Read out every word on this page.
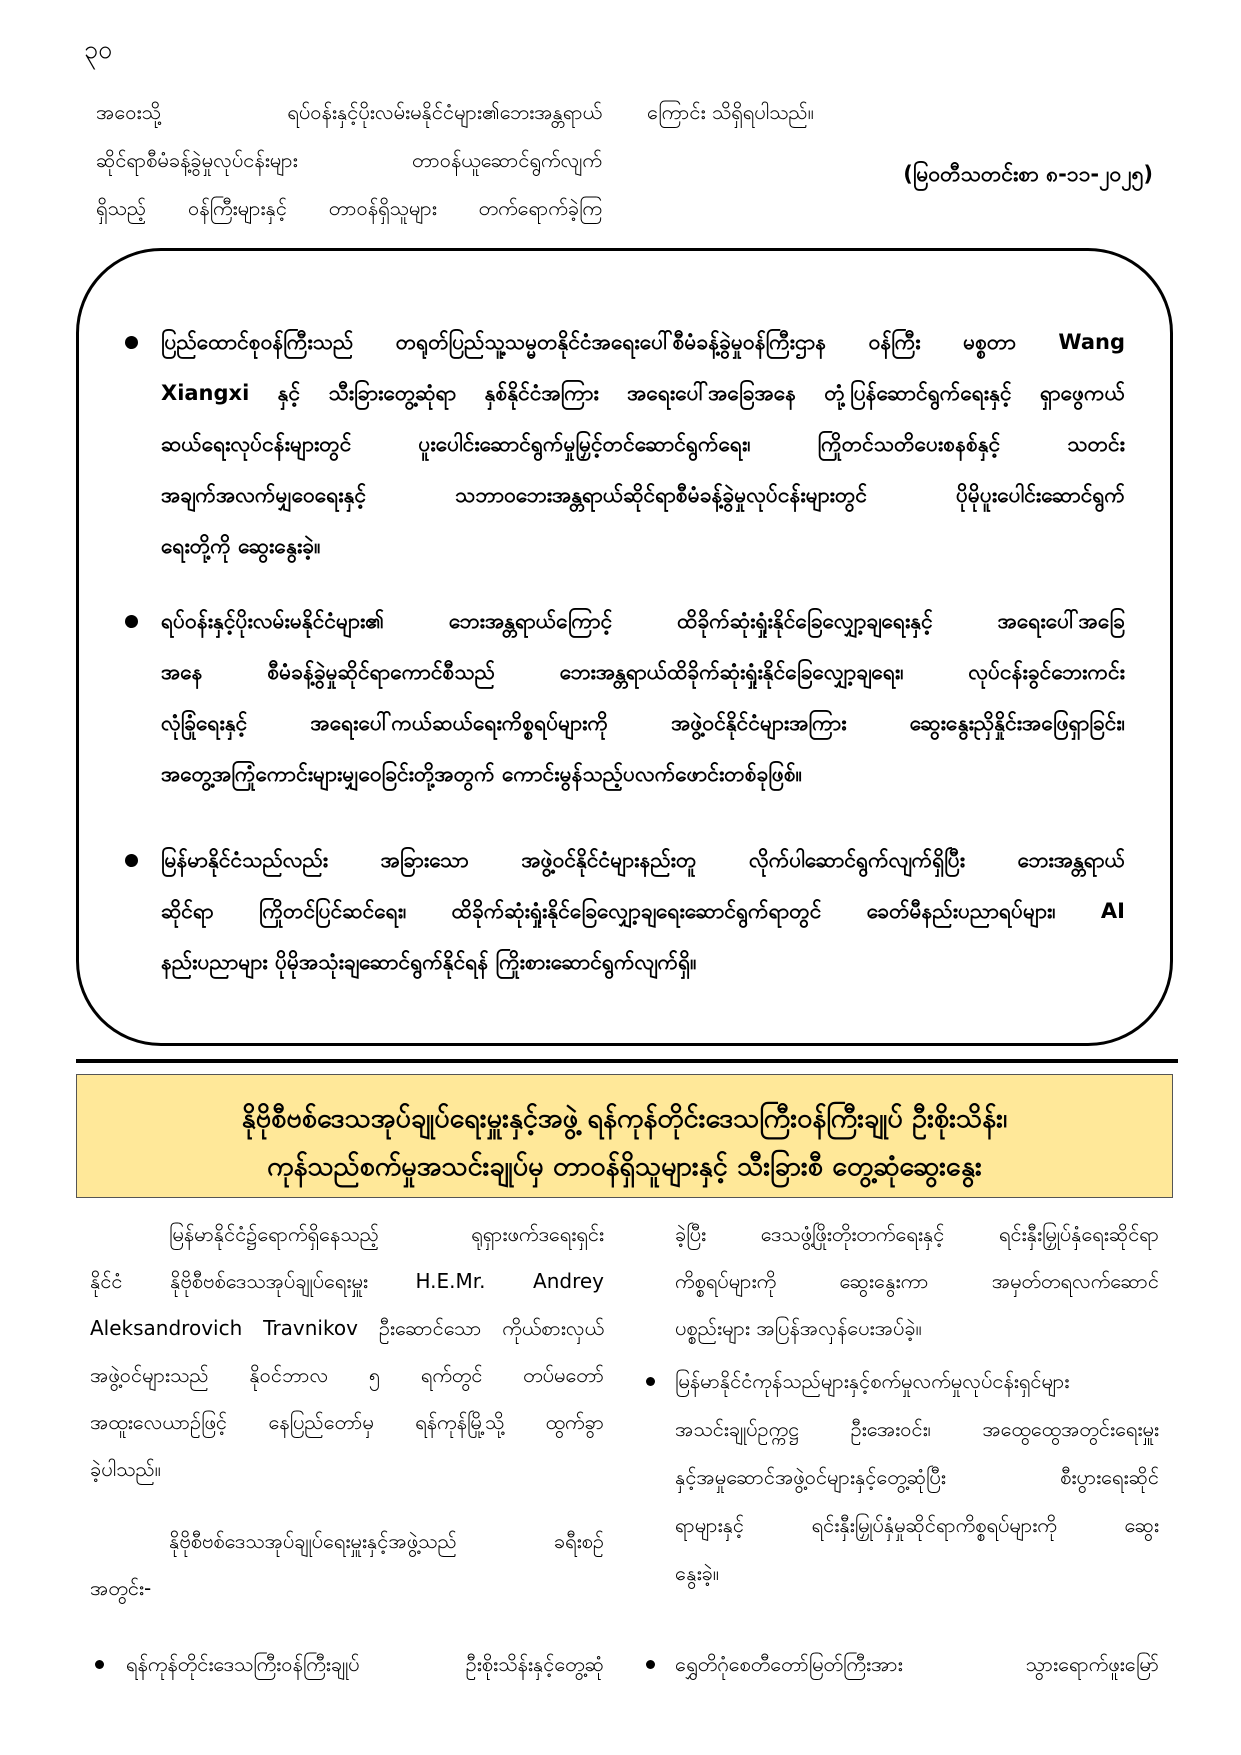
၃၀
အဝေးသို့ ရပ်ဝန်းနှင့်ပိုးလမ်းမနိုင်ငံများ၏ဘေးအန္တရာယ်
ဆိုင်ရာစီမံခန့်ခွဲမှုလုပ်ငန်းများ တာဝန်ယူဆောင်ရွက်လျက်
ရှိသည့် ဝန်ကြီးများနှင့် တာဝန်ရှိသူများ တက်ရောက်ခဲ့ကြ
ကြောင်း သိရှိရပါသည်။
(မြဝတီသတင်းစာ ၈-၁၁-၂၀၂၅)
ပြည်ထောင်စုဝန်ကြီးသည် တရုတ်ပြည်သူ့သမ္မတနိုင်ငံအရေးပေါ်စီမံခန့်ခွဲမှုဝန်ကြီးဌာန ဝန်ကြီး မစ္စတာ Wang
Xiangxi နှင့် သီးခြားတွေ့ဆုံရာ နှစ်နိုင်ငံအကြား အရေးပေါ်အခြေအနေ တုံ့ပြန်ဆောင်ရွက်ရေးနှင့် ရှာဖွေကယ်
ဆယ်ရေးလုပ်ငန်းများတွင် ပူးပေါင်းဆောင်ရွက်မှုမြှင့်တင်ဆောင်ရွက်ရေး၊ ကြိုတင်သတိပေးစနစ်နှင့် သတင်း
အချက်အလက်မျှဝေရေးနှင့် သဘာဝဘေးအန္တရာယ်ဆိုင်ရာစီမံခန့်ခွဲမှုလုပ်ငန်းများတွင် ပိုမိုပူးပေါင်းဆောင်ရွက်
ရေးတို့ကို ဆွေးနွေးခဲ့။
ရပ်ဝန်းနှင့်ပိုးလမ်းမနိုင်ငံများ၏ ဘေးအန္တရာယ်ကြောင့် ထိခိုက်ဆုံးရှုံးနိုင်ခြေလျှော့ချရေးနှင့် အရေးပေါ်အခြေ
အနေ စီမံခန့်ခွဲမှုဆိုင်ရာကောင်စီသည် ဘေးအန္တရာယ်ထိခိုက်ဆုံးရှုံးနိုင်ခြေလျှော့ချရေး၊ လုပ်ငန်းခွင်ဘေးကင်း
လုံခြုံရေးနှင့် အရေးပေါ်ကယ်ဆယ်ရေးကိစ္စရပ်များကို အဖွဲ့ဝင်နိုင်ငံများအကြား ဆွေးနွေးညှိနှိုင်းအဖြေရှာခြင်း၊
အတွေ့အကြုံကောင်းများမျှဝေခြင်းတို့အတွက် ကောင်းမွန်သည့်ပလက်ဖောင်းတစ်ခုဖြစ်။
မြန်မာနိုင်ငံသည်လည်း အခြားသော အဖွဲ့ဝင်နိုင်ငံများနည်းတူ လိုက်ပါဆောင်ရွက်လျက်ရှိပြီး ဘေးအန္တရာယ်
ဆိုင်ရာ ကြိုတင်ပြင်ဆင်ရေး၊ ထိခိုက်ဆုံးရှုံးနိုင်ခြေလျှော့ချရေးဆောင်ရွက်ရာတွင် ခေတ်မီနည်းပညာရပ်များ၊ AI
နည်းပညာများ ပိုမိုအသုံးချဆောင်ရွက်နိုင်ရန် ကြိုးစားဆောင်ရွက်လျက်ရှိ။
နိုဗိုစီဗစ်ဒေသအုပ်ချုပ်ရေးမှူးနှင့်အဖွဲ့ ရန်ကုန်တိုင်းဒေသကြီးဝန်ကြီးချုပ် ဦးစိုးသိန်း၊
ကုန်သည်စက်မှုအသင်းချုပ်မှ တာဝန်ရှိသူများနှင့် သီးခြားစီ တွေ့ဆုံဆွေးနွေး
မြန်မာနိုင်ငံ၌ရောက်ရှိနေသည့် ရုရှားဖက်ဒရေးရှင်း
နိုင်ငံ နိုဗိုစီဗစ်ဒေသအုပ်ချုပ်ရေးမှူး H.E.Mr. Andrey
Aleksandrovich Travnikov ဦးဆောင်သော ကိုယ်စားလှယ်
အဖွဲ့ဝင်များသည် နိုဝင်ဘာလ ၅ ရက်တွင် တပ်မတော်
အထူးလေယာဉ်ဖြင့် နေပြည်တော်မှ ရန်ကုန်မြို့သို့ ထွက်ခွာ
ခဲ့ပါသည်။
နိုဗိုစီဗစ်ဒေသအုပ်ချုပ်ရေးမှူးနှင့်အဖွဲ့သည် ခရီးစဉ်
အတွင်း-
ရန်ကုန်တိုင်းဒေသကြီးဝန်ကြီးချုပ် ဦးစိုးသိန်းနှင့်တွေ့ဆုံ
ခဲ့ပြီး ဒေသဖွံ့ဖြိုးတိုးတက်ရေးနှင့် ရင်းနှီးမြှုပ်နှံရေးဆိုင်ရာ
ကိစ္စရပ်များကို ဆွေးနွေးကာ အမှတ်တရလက်ဆောင်
ပစ္စည်းများ အပြန်အလှန်ပေးအပ်ခဲ့။
မြန်မာနိုင်ငံကုန်သည်များနှင့်စက်မှုလက်မှုလုပ်ငန်းရှင်များ
အသင်းချုပ်ဥက္ကဋ္ဌ ဦးအေးဝင်း၊ အထွေထွေအတွင်းရေးမှူး
နှင့်အမှုဆောင်အဖွဲ့ဝင်များနှင့်တွေ့ဆုံပြီး စီးပွားရေးဆိုင်
ရာများနှင့် ရင်းနှီးမြှုပ်နှံမှုဆိုင်ရာကိစ္စရပ်များကို ဆွေး
နွေးခဲ့။
ရွှေတိဂုံစေတီတော်မြတ်ကြီးအား သွားရောက်ဖူးမြော်
